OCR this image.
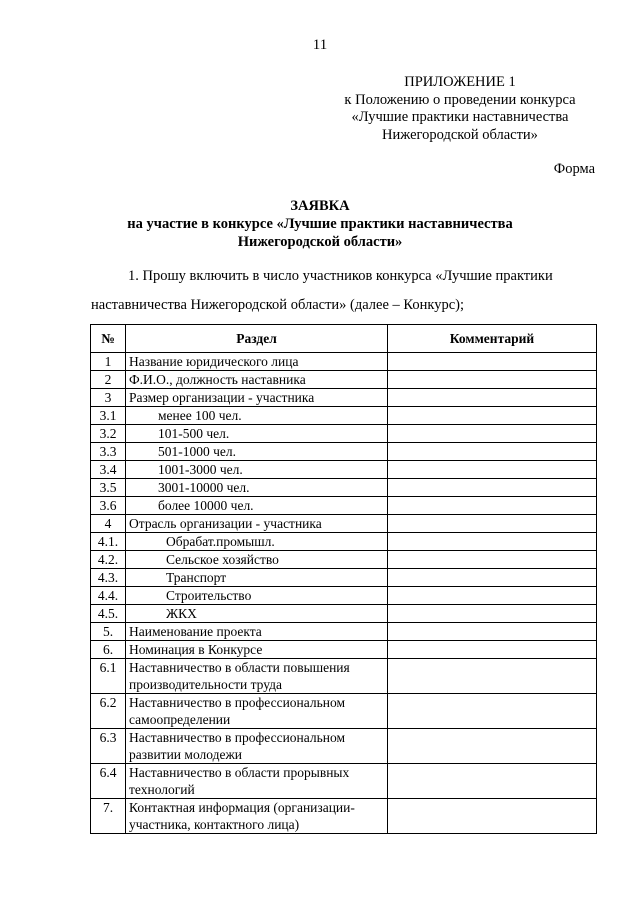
11
ПРИЛОЖЕНИЕ 1
к Положению о проведении конкурса
«Лучшие практики наставничества
Нижегородской области»
Форма
ЗАЯВКА
на участие в конкурсе «Лучшие практики наставничества
Нижегородской области»
1. Прошу включить в число участников конкурса «Лучшие практики
наставничества Нижегородской области» (далее – Конкурс);
№	Раздел	Комментарий
1	Название юридического лица	
2	Ф.И.О., должность наставника	
3	Размер организации - участника	
3.1	менее 100 чел.	
3.2	101-500 чел.	
3.3	501-1000 чел.	
3.4	1001-3000 чел.	
3.5	3001-10000 чел.	
3.6	более 10000 чел.	
4	Отрасль организации - участника	
4.1.	Обрабат.промышл.	
4.2.	Сельское хозяйство	
4.3.	Транспорт	
4.4.	Строительство	
4.5.	ЖКХ	
5.	Наименование проекта	
6.	Номинация в Конкурсе	
6.1	Наставничество в области повышения
производительности труда	

6.2	Наставничество в профессиональном
самоопределении	

6.3	Наставничество в профессиональном
развитии молодежи	

6.4	Наставничество в области прорывных
технологий	

7.	Контактная информация (организации-
участника, контактного лица)	
